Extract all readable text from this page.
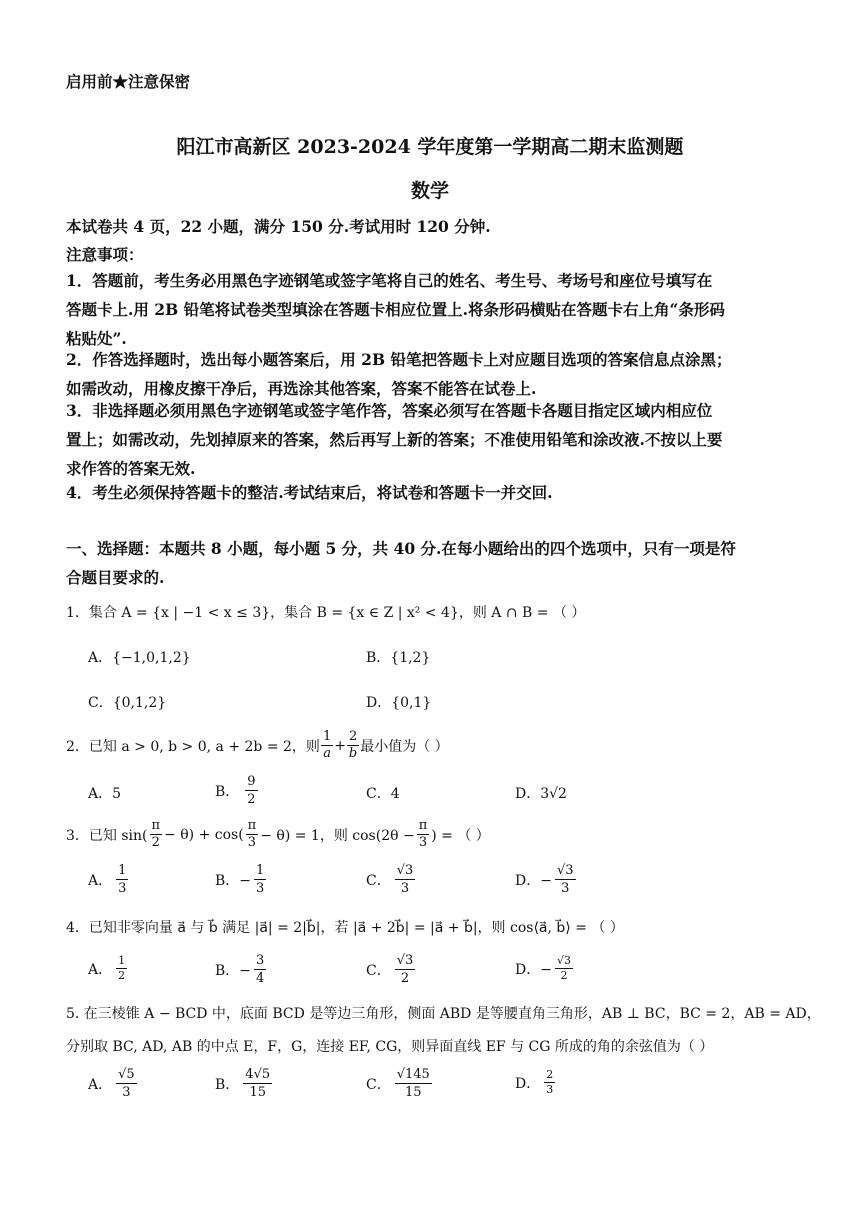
启用前★注意保密
阳江市高新区 2023-2024 学年度第一学期高二期末监测题
数学
本试卷共 4 页，22 小题，满分 150 分.考试用时 120 分钟.
注意事项：
1．答题前，考生务必用黑色字迹钢笔或签字笔将自己的姓名、考生号、考场号和座位号填写在
答题卡上.用 2B 铅笔将试卷类型填涂在答题卡相应位置上.将条形码横贴在答题卡右上角“条形码
粘贴处”.
2．作答选择题时，选出每小题答案后，用 2B 铅笔把答题卡上对应题目选项的答案信息点涂黑；
如需改动，用橡皮擦干净后，再选涂其他答案，答案不能答在试卷上.
3．非选择题必须用黑色字迹钢笔或签字笔作答，答案必须写在答题卡各题目指定区域内相应位
置上；如需改动，先划掉原来的答案，然后再写上新的答案；不准使用铅笔和涂改液.不按以上要
求作答的答案无效.
4．考生必须保持答题卡的整洁.考试结束后，将试卷和答题卡一并交回.
一、选择题：本题共 8 小题，每小题 5 分，共 40 分.在每小题给出的四个选项中，只有一项是符
合题目要求的.
1．集合 A = {x | −1 < x ≤ 3}，集合 B = {x ∈ Z | x² < 4}，则 A ∩ B = （ ）
A．{−1,0,1,2}	B．{1,2}
C．{0,1,2}	D．{0,1}
2．已知 a > 0, b > 0, a + 2b = 2，则 $\frac{1}{a} + \frac{2}{b}$ 最小值为（ ）
A．5	B． $\frac{9}{2}$	C．4	D．3√2
3．已知 $\sin( \frac{\pi}{2} - \theta) + \cos( \frac{\pi}{3} - \theta) = 1$，则 $\cos(2\theta - \frac{\pi}{3}$ ) = （ ）
A． $\frac{1}{3}$	B．− $\frac{1}{3}$	C． $\frac{√3}{3}$	D．− $\frac{√3}{3}$
4．已知非零向量 a⃗ 与 b⃗ 满足 |a⃗| = 2|b⃗|，若 |a⃗ + 2b⃗| = |a⃗ + b⃗|，则 cos⟨a⃗, b⃗⟩ = （ ）
A． $\frac{1}{2}$	B．− $\frac{3}{4}$	C． $\frac{√3}{2}$	D．− $\frac{√3}{2}$
5. 在三棱锥 A − BCD 中，底面 BCD 是等边三角形，侧面 ABD 是等腰直角三角形，AB ⊥ BC，BC = 2，AB = AD，
分别取 BC, AD, AB 的中点 E，F，G，连接 EF, CG，则异面直线 EF 与 CG 所成的角的余弦值为（ ）
A． $\frac{√5}{3}$	B． $\frac{4√5}{15}$	C． $\frac{√145}{15}$	D． $\frac{2}{3}$
